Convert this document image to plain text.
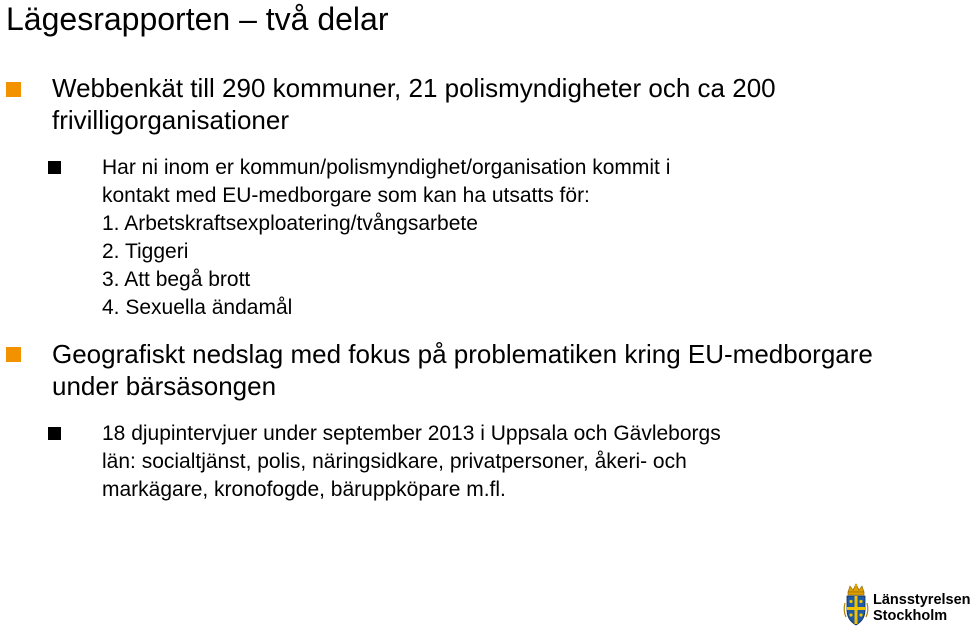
Lägesrapporten – två delar
Webbenkät till 290 kommuner, 21 polismyndigheter och ca 200 frivilligorganisationer
Har ni inom er kommun/polismyndighet/organisation kommit i
kontakt med EU-medborgare som kan ha utsatts för:
1. Arbetskraftsexploatering/tvångsarbete
2. Tiggeri
3. Att begå brott
4. Sexuella ändamål
Geografiskt nedslag med fokus på problematiken kring EU-medborgare under bärsäsongen
18 djupintervjuer under september 2013 i Uppsala och Gävleborgs
län: socialtjänst, polis, näringsidkare, privatpersoner, åkeri- och
markägare, kronofogde, bäruppköpare m.fl.
Länsstyrelsen
Stockholm
